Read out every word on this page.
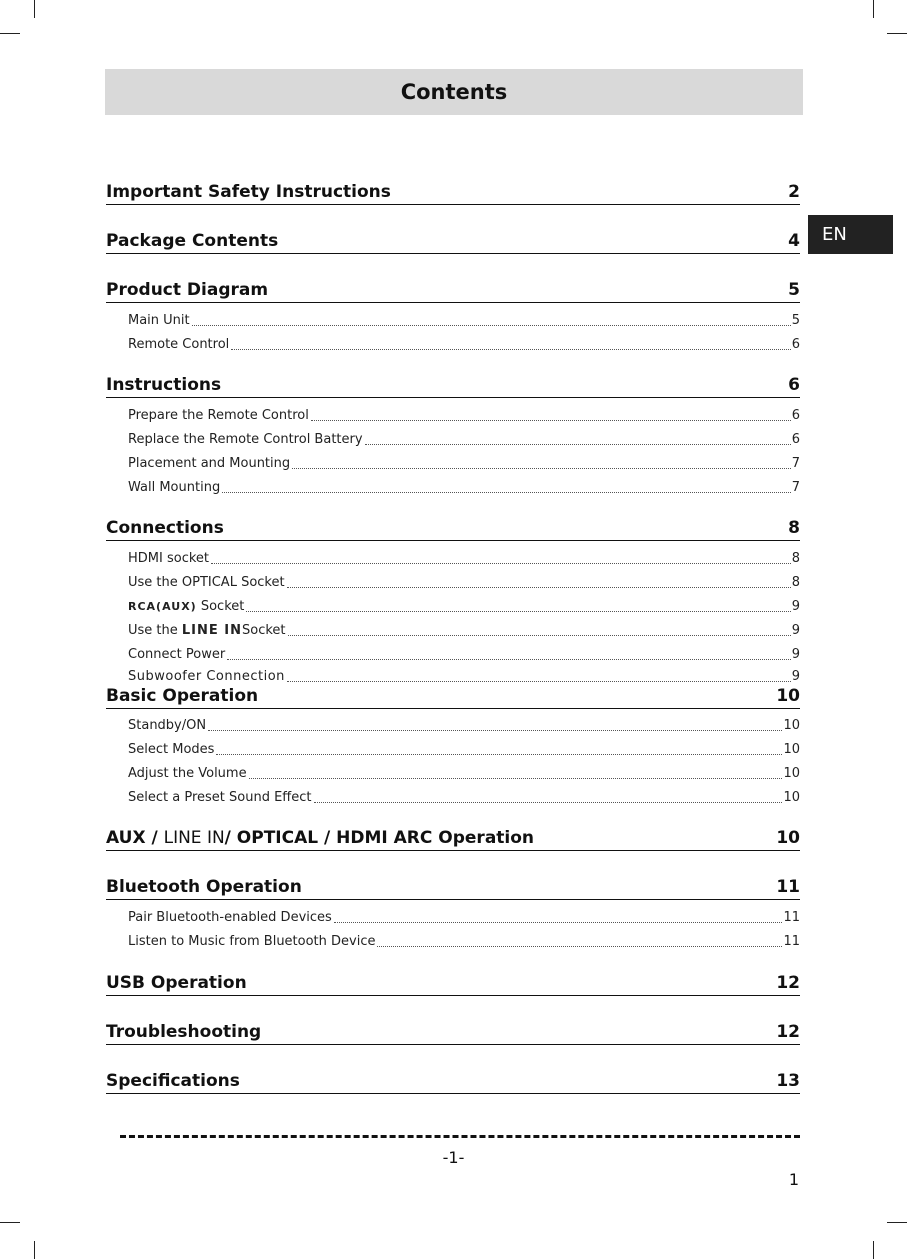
Contents
EN
Important Safety Instructions	2
Package Contents	4
Product Diagram	5
Main Unit	5
Remote Control	6
Instructions	6
Prepare the Remote Control	6
Replace the Remote Control Battery	6
Placement and Mounting	7
Wall Mounting	7
Connections	8
HDMI socket	8
Use the OPTICAL Socket	8
RCA(AUX) Socket	9
Use the LINE INSocket	9
Connect Power	9
Subwoofer Connection	9
Basic Operation	10
Standby/ON	10
Select Modes	10
Adjust the Volume	10
Select a Preset Sound Effect	10
AUX / LINE IN/ OPTICAL / HDMI ARC Operation	10
Bluetooth Operation	11
Pair Bluetooth-enabled Devices	11
Listen to Music from Bluetooth Device	11
USB Operation	12
Troubleshooting	12
Specifications	13
-1-
1
